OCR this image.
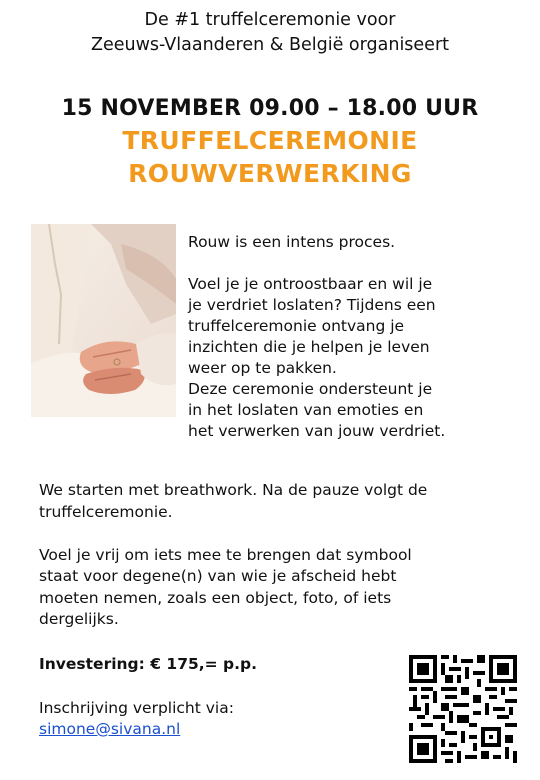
De #1 truffelceremonie voor
Zeeuws-Vlaanderen & België organiseert
15 NOVEMBER 09.00 – 18.00 UUR
TRUFFELCEREMONIE
ROUWVERWERKING

Rouw is een intens proces.

Voel je je ontroostbaar en wil je
je verdriet loslaten? Tijdens een
truffelceremonie ontvang je
inzichten die je helpen je leven
weer op te pakken.

Deze ceremonie ondersteunt je
in het loslaten van emoties en
het verwerken van jouw verdriet.

We starten met breathwork. Na de pauze volgt de
truffelceremonie.

Voel je vrij om iets mee te brengen dat symbool
staat voor degene(n) van wie je afscheid hebt
moeten nemen, zoals een object, foto, of iets
dergelijks.

Investering: € 175,= p.p.
Inschrijving verplicht via:
simone@sivana.nl
